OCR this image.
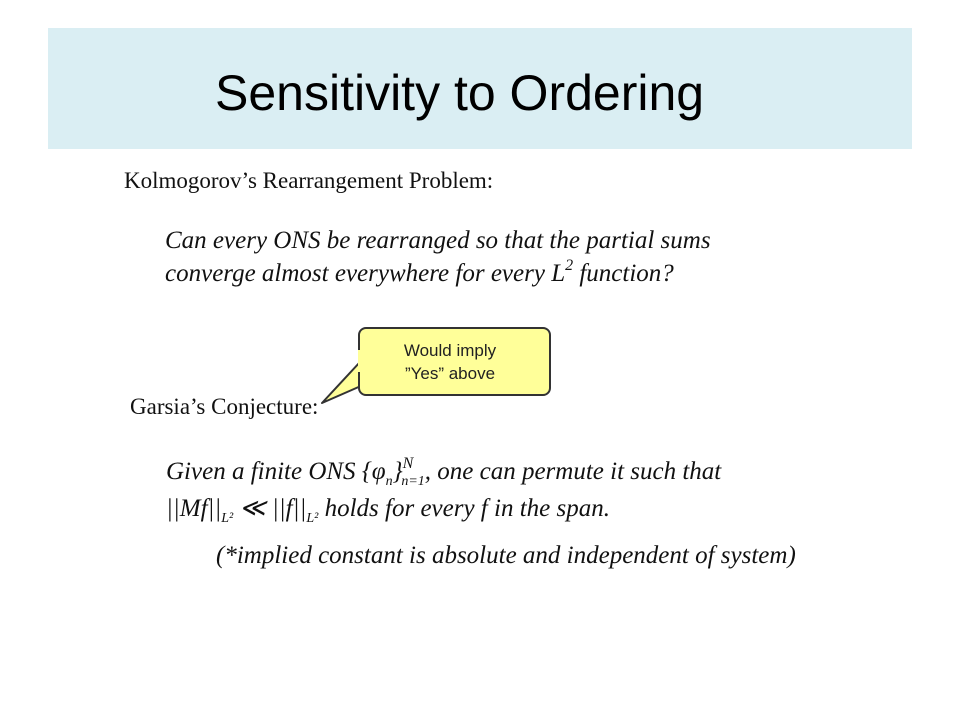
Sensitivity to Ordering
Kolmogorov’s Rearrangement Problem:
Can every ONS be rearranged so that the partial sums
converge almost everywhere for every $L^2$ function?
Would imply
”Yes” above
Garsia’s Conjecture:
Given a finite ONS $\{\varphi_n\}^N_{n=1}$, one can permute it such that
$||Mf||_{L^2}$ ≪ $||f||_{L^2}$ holds for every f in the span.
(*implied constant is absolute and independent of system)
